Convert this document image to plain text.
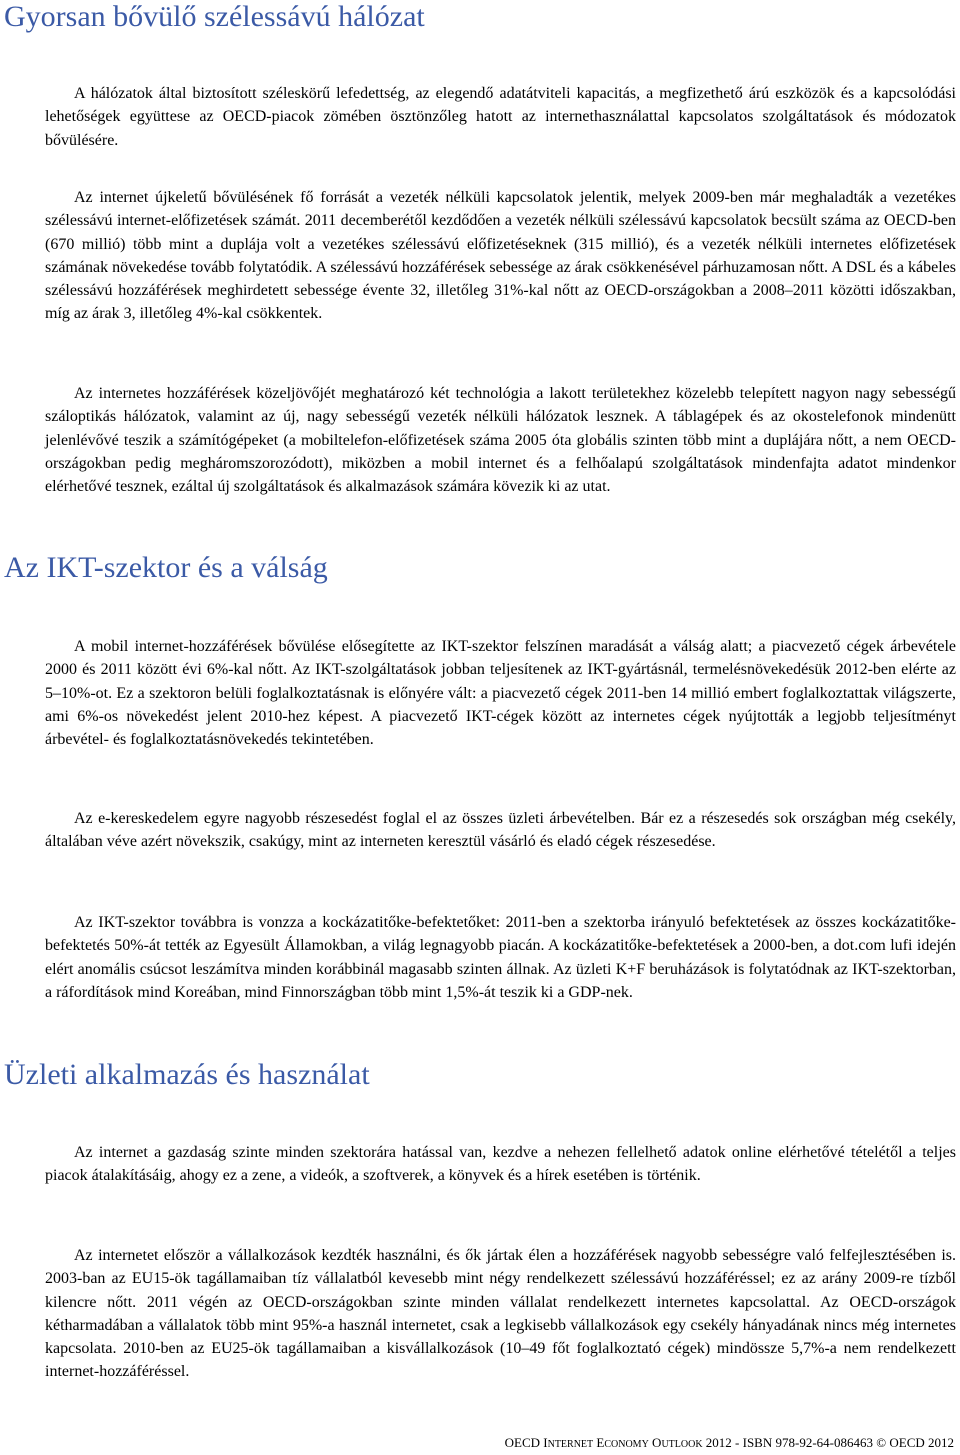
Gyorsan bővülő szélessávú hálózat

A hálózatok által biztosított széleskörű lefedettség, az elegendő adatátviteli kapacitás, a megfizethető árú eszközök és a kapcsolódási lehetőségek együttese az OECD-piacok zömében ösztönzőleg hatott az internethasználattal kapcsolatos szolgáltatások és módozatok bővülésére.

Az internet újkeletű bővülésének fő forrását a vezeték nélküli kapcsolatok jelentik, melyek 2009-ben már meghaladták a vezetékes szélessávú internet-előfizetések számát. 2011 decemberétől kezdődően a vezeték nélküli szélessávú kapcsolatok becsült száma az OECD-ben (670 millió) több mint a duplája volt a vezetékes szélessávú előfizetéseknek (315 millió), és a vezeték nélküli internetes előfizetések számának növekedése tovább folytatódik. A szélessávú hozzáférések sebessége az árak csökkenésével párhuzamosan nőtt. A DSL és a kábeles szélessávú hozzáférések meghirdetett sebessége évente 32, illetőleg 31%-kal nőtt az OECD-országokban a 2008–2011 közötti időszakban, míg az árak 3, illetőleg 4%-kal csökkentek.

Az internetes hozzáférések közeljövőjét meghatározó két technológia a lakott területekhez közelebb telepített nagyon nagy sebességű száloptikás hálózatok, valamint az új, nagy sebességű vezeték nélküli hálózatok lesznek. A táblagépek és az okostelefonok mindenütt jelenlévővé teszik a számítógépeket (a mobiltelefon-előfizetések száma 2005 óta globális szinten több mint a duplájára nőtt, a nem OECD-országokban pedig megháromszorozódott), miközben a mobil internet és a felhőalapú szolgáltatások mindenfajta adatot mindenkor elérhetővé tesznek, ezáltal új szolgáltatások és alkalmazások számára kövezik ki az utat.

Az IKT-szektor és a válság

A mobil internet-hozzáférések bővülése elősegítette az IKT-szektor felszínen maradását a válság alatt; a piacvezető cégek árbevétele 2000 és 2011 között évi 6%-kal nőtt. Az IKT-szolgáltatások jobban teljesítenek az IKT-gyártásnál, termelésnövekedésük 2012-ben elérte az 5–10%-ot. Ez a szektoron belüli foglalkoztatásnak is előnyére vált: a piacvezető cégek 2011-ben 14 millió embert foglalkoztattak világszerte, ami 6%-os növekedést jelent 2010-hez képest. A piacvezető IKT-cégek között az internetes cégek nyújtották a legjobb teljesítményt árbevétel- és foglalkoztatásnövekedés tekintetében.

Az e-kereskedelem egyre nagyobb részesedést foglal el az összes üzleti árbevételben. Bár ez a részesedés sok országban még csekély, általában véve azért növekszik, csakúgy, mint az interneten keresztül vásárló és eladó cégek részesedése.

Az IKT-szektor továbbra is vonzza a kockázatitőke-befektetőket: 2011-ben a szektorba irányuló befektetések az összes kockázatitőke-befektetés 50%-át tették az Egyesült Államokban, a világ legnagyobb piacán. A kockázatitőke-befektetések a 2000-ben, a dot.com lufi idején elért anomális csúcsot leszámítva minden korábbinál magasabb szinten állnak. Az üzleti K+F beruházások is folytatódnak az IKT-szektorban, a ráfordítások mind Koreában, mind Finnországban több mint 1,5%-át teszik ki a GDP-nek.

Üzleti alkalmazás és használat

Az internet a gazdaság szinte minden szektorára hatással van, kezdve a nehezen fellelhető adatok online elérhetővé tételétől a teljes piacok átalakításáig, ahogy ez a zene, a videók, a szoftverek, a könyvek és a hírek esetében is történik.

Az internetet először a vállalkozások kezdték használni, és ők jártak élen a hozzáférések nagyobb sebességre való felfejlesztésében is. 2003-ban az EU15-ök tagállamaiban tíz vállalatból kevesebb mint négy rendelkezett szélessávú hozzáféréssel; ez az arány 2009-re tízből kilencre nőtt. 2011 végén az OECD-országokban szinte minden vállalat rendelkezett internetes kapcsolattal. Az OECD-országok kétharmadában a vállalatok több mint 95%-a használ internetet, csak a legkisebb vállalkozások egy csekély hányadának nincs még internetes kapcsolata. 2010-ben az EU25-ök tagállamaiban a kisvállalkozások (10–49 főt foglalkoztató cégek) mindössze 5,7%-a nem rendelkezett internet-hozzáféréssel.

OECD INTERNET ECONOMY OUTLOOK 2012 - ISBN 978-92-64-086463 © OECD 2012
